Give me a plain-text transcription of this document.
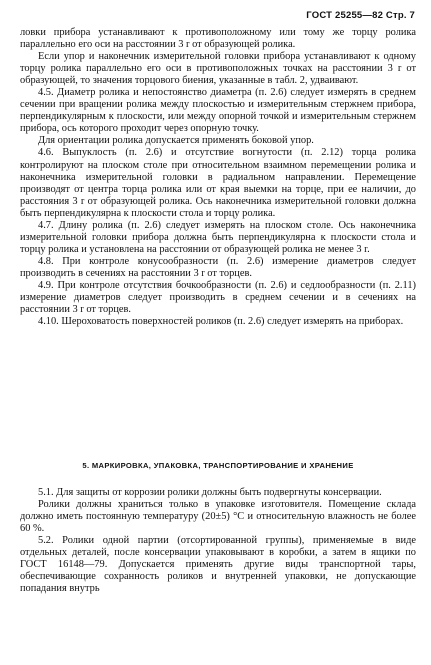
ГОСТ 25255—82 Стр. 7

ловки прибора устанавливают к противоположному или тому же торцу ролика параллельно его оси на расстоянии 3 r от образующей ролика.

Если упор и наконечник измерительной головки прибора устанавливают к одному торцу ролика параллельно его оси в противоположных точках на расстоянии 3 r от образующей, то значения торцового биения, указанные в табл. 2, удваивают.

4.5. Диаметр ролика и непостоянство диаметра (п. 2.6) следует измерять в среднем сечении при вращении ролика между плоскостью и измерительным стержнем прибора, перпендикулярным к плоскости, или между опорной точкой и измерительным стержнем прибора, ось которого проходит через опорную точку.

Для ориентации ролика допускается применять боковой упор.

4.6. Выпуклость (п. 2.6) и отсутствие вогнутости (п. 2.12) торца ролика контролируют на плоском столе при относительном взаимном перемещении ролика и наконечника измерительной головки в радиальном направлении. Перемещение производят от центра торца ролика или от края выемки на торце, при ее наличии, до расстояния 3 r от образующей ролика. Ось наконечника измерительной головки должна быть перпендикулярна к плоскости стола и торцу ролика.

4.7. Длину ролика (п. 2.6) следует измерять на плоском столе. Ось наконечника измерительной головки прибора должна быть перпендикулярна к плоскости стола и торцу ролика и установлена на расстоянии от образующей ролика не менее 3 r.

4.8. При контроле конусообразности (п. 2.6) измерение диаметров следует производить в сечениях на расстоянии 3 r от торцев.

4.9. При контроле отсутствия бочкообразности (п. 2.6) и седлообразности (п. 2.11) измерение диаметров следует производить в среднем сечении и в сечениях на расстоянии 3 r от торцев.

4.10. Шероховатость поверхностей роликов (п. 2.6) следует измерять на приборах.

5. МАРКИРОВКА, УПАКОВКА, ТРАНСПОРТИРОВАНИЕ И ХРАНЕНИЕ

5.1. Для защиты от коррозии ролики должны быть подвергнуты консервации.

Ролики должны храниться только в упаковке изготовителя. Помещение склада должно иметь постоянную температуру (20±5) °С и относительную влажность не более 60 %.

5.2. Ролики одной партии (отсортированной группы), применяемые в виде отдельных деталей, после консервации упаковывают в коробки, а затем в ящики по ГОСТ 16148—79. Допускается применять другие виды транспортной тары, обеспечивающие сохранность роликов и внутренней упаковки, не допускающие попадания внутрь
